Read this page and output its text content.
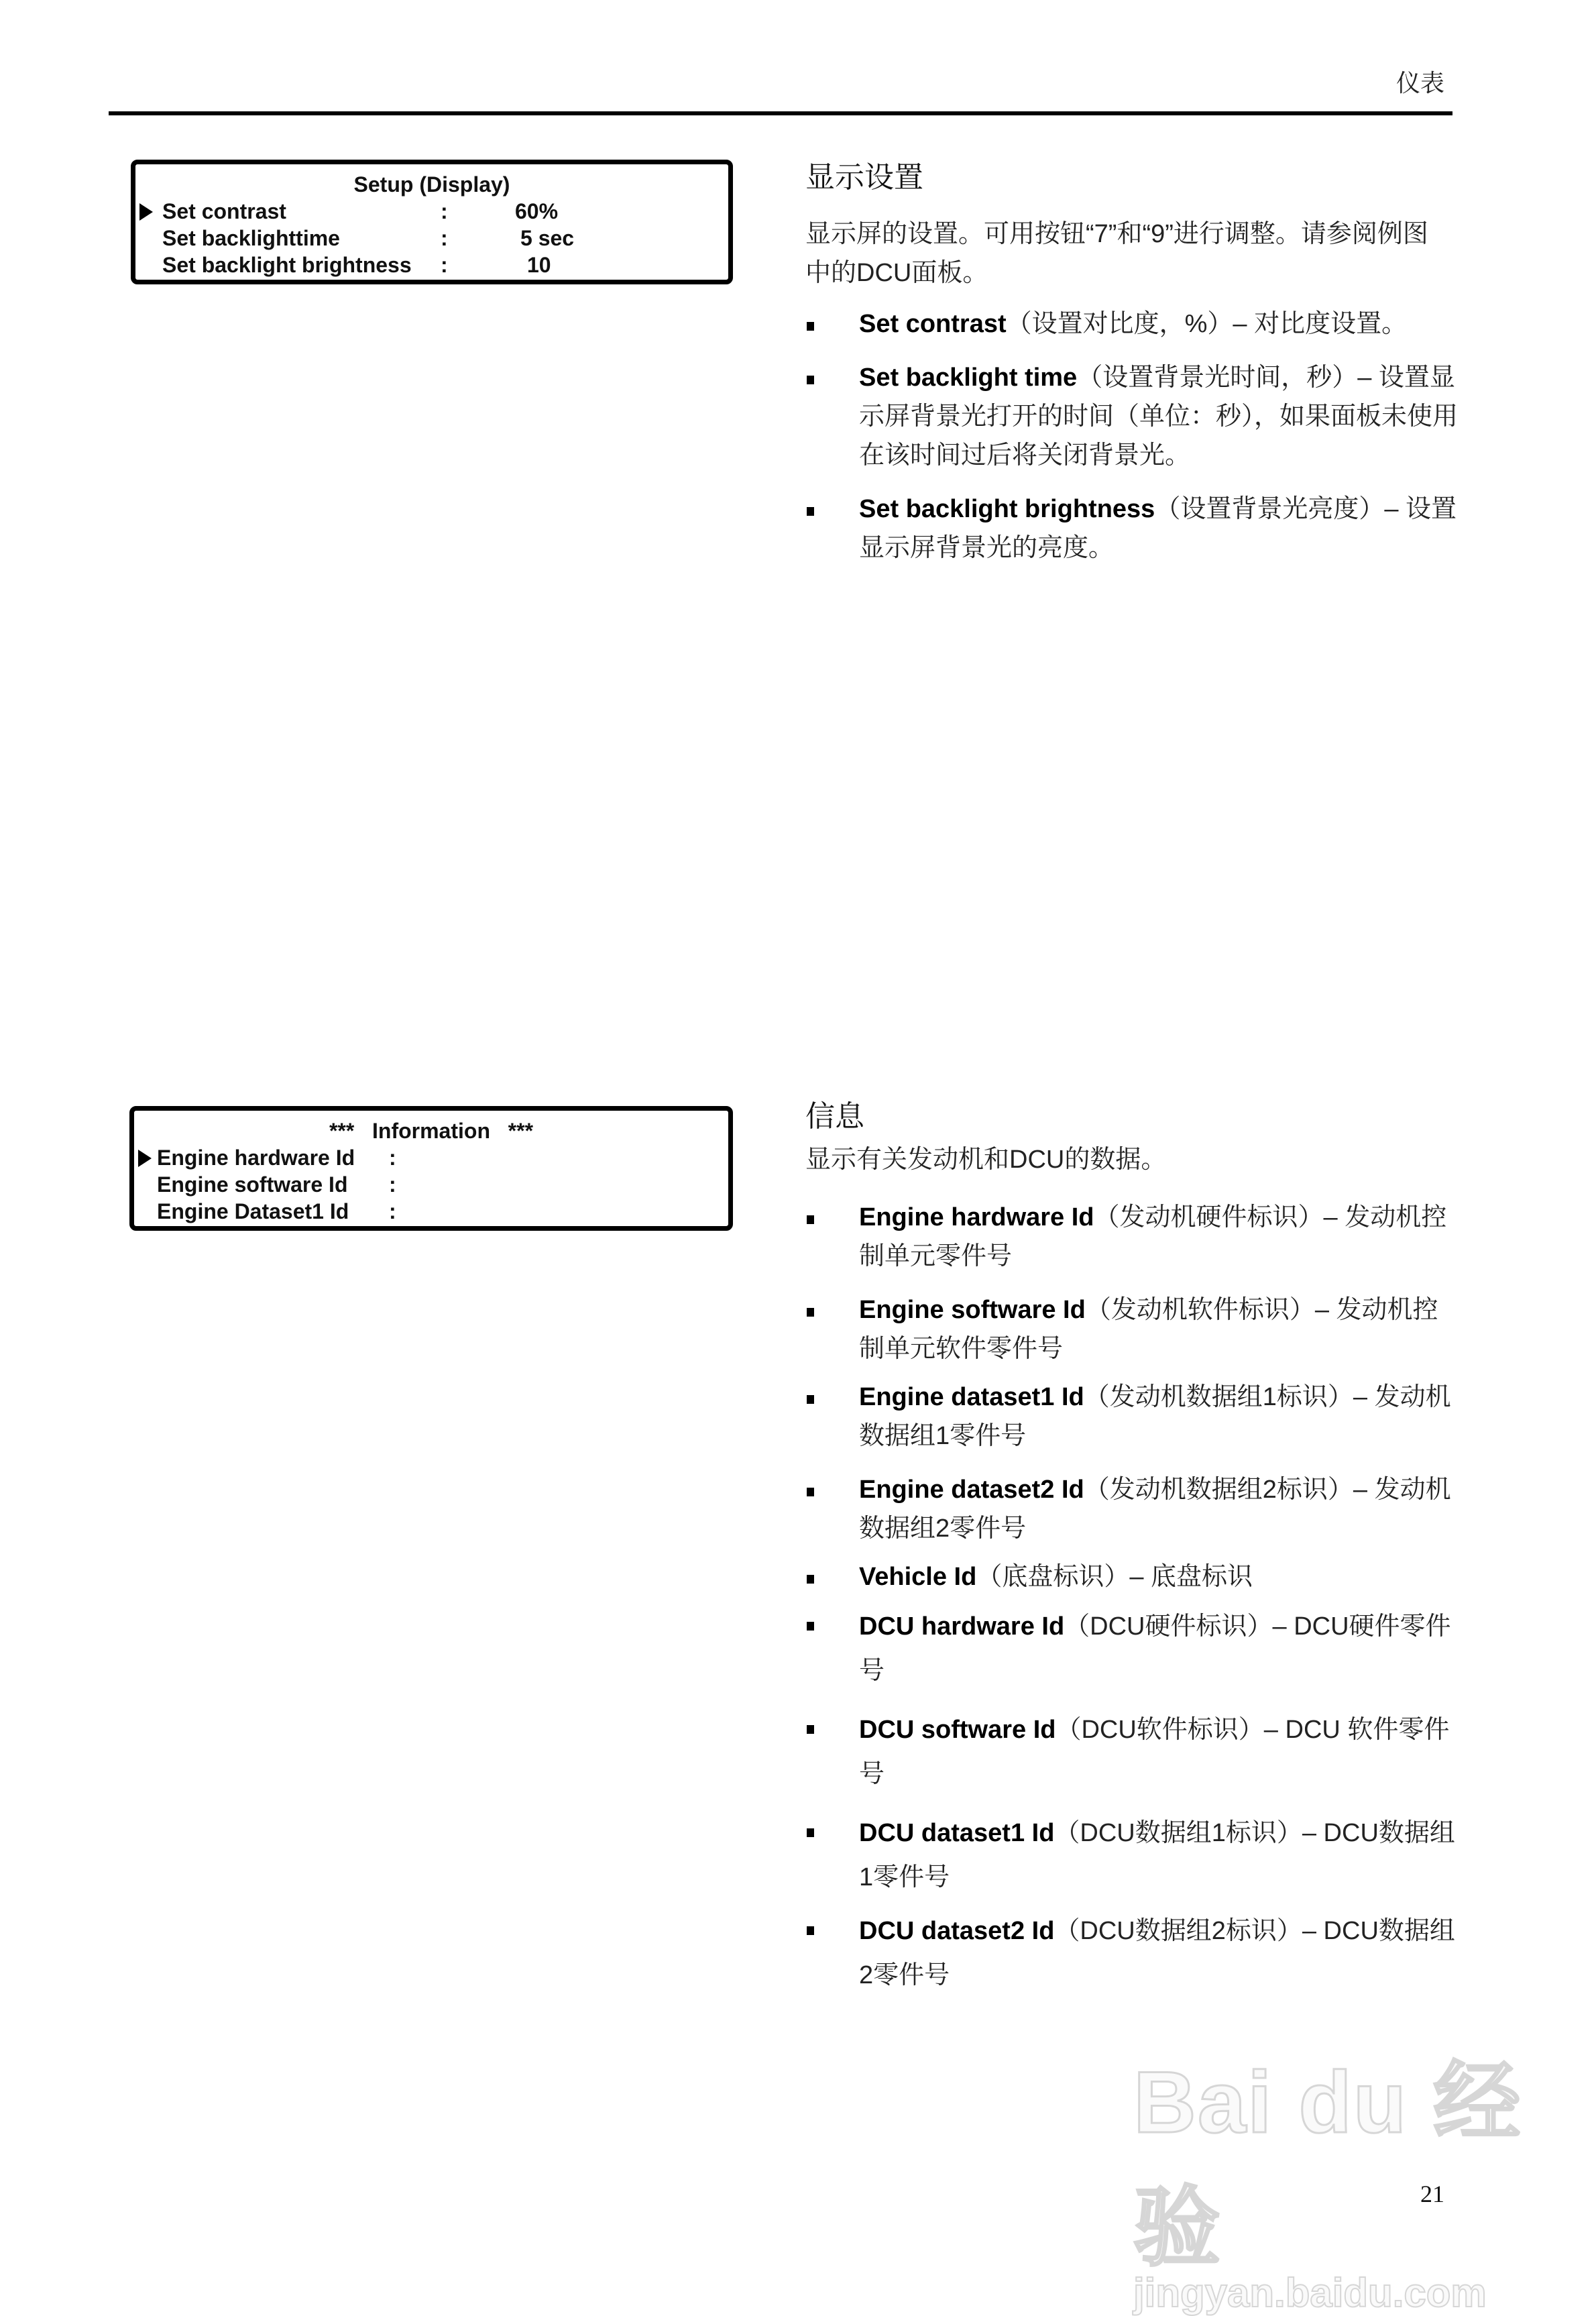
仪表
Setup (Display)
Set contrast	:	60%
Set backlighttime	:	5 sec
Set backlight brightness :	10
显示设置

显示屏的设置。可用按钮“7”和“9”进行调整。请参阅例图中的DCU面板。

Set contrast（设置对比度，%）– 对比度设置。
Set backlight time（设置背景光时间，秒）– 设置显示屏背景光打开的时间（单位：秒），如果面板未使用在该时间过后将关闭背景光。
Set backlight brightness（设置背景光亮度）– 设置显示屏背景光的亮度。
***   Information   ***
Engine hardware Id :
Engine software Id :
Engine Dataset1 Id :
信息

显示有关发动机和DCU的数据。

Engine hardware Id（发动机硬件标识）– 发动机控制单元零件号
Engine software Id（发动机软件标识）– 发动机控制单元软件零件号
Engine dataset1 Id（发动机数据组1标识）– 发动机数据组1零件号
Engine dataset2 Id（发动机数据组2标识）– 发动机数据组2零件号
Vehicle Id（底盘标识）– 底盘标识
DCU hardware Id（DCU硬件标识）– DCU硬件零件号
DCU software Id（DCU软件标识）– DCU 软件零件号
DCU dataset1 Id（DCU数据组1标识）– DCU数据组1零件号
DCU dataset2 Id（DCU数据组2标识）– DCU数据组2零件号
Bai du 经验
jingyan.baidu.com
21
